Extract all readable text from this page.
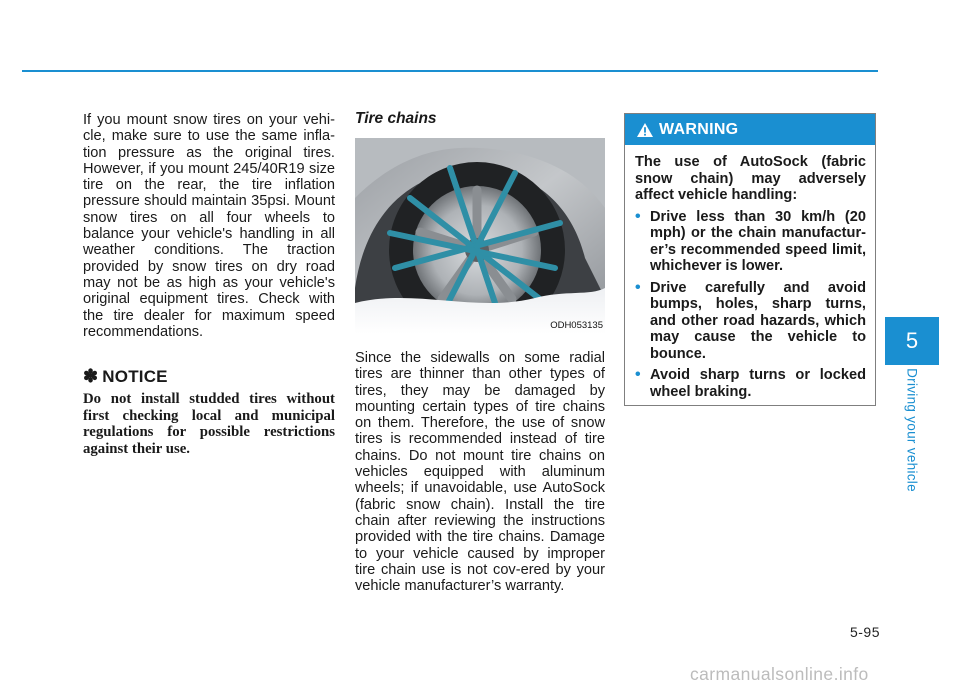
If you mount snow tires on your vehi-cle, make sure to use the same infla-tion pressure as the original tires. However, if you mount 245/40R19 size tire on the rear, the tire inflation pressure should maintain 35psi. Mount snow tires on all four wheels to balance your vehicle's handling in all weather conditions. The traction provided by snow tires on dry road may not be as high as your vehicle's original equipment tires. Check with the tire dealer for maximum speed recommendations.

✽ NOTICE

Do not install studded tires without first checking local and municipal regulations for possible restrictions against their use.

Tire chains
ODH053135

Since the sidewalls on some radial tires are thinner than other types of tires, they may be damaged by mounting certain types of tire chains on them. Therefore, the use of snow tires is recommended instead of tire chains. Do not mount tire chains on vehicles equipped with aluminum wheels; if unavoidable, use AutoSock (fabric snow chain). Install the tire chain after reviewing the instructions provided with the tire chains. Damage to your vehicle caused by improper tire chain use is not cov-ered by your vehicle manufacturer’s warranty.

WARNING

The use of AutoSock (fabric snow chain) may adversely affect vehicle handling:

• Drive less than 30 km/h (20 mph) or the chain manufactur-er’s recommended speed limit, whichever is lower.
• Drive carefully and avoid bumps, holes, sharp turns, and other road hazards, which may cause the vehicle to bounce.
• Avoid sharp turns or locked wheel braking.
5
Driving your vehicle
5-95
carmanualsonline.info
